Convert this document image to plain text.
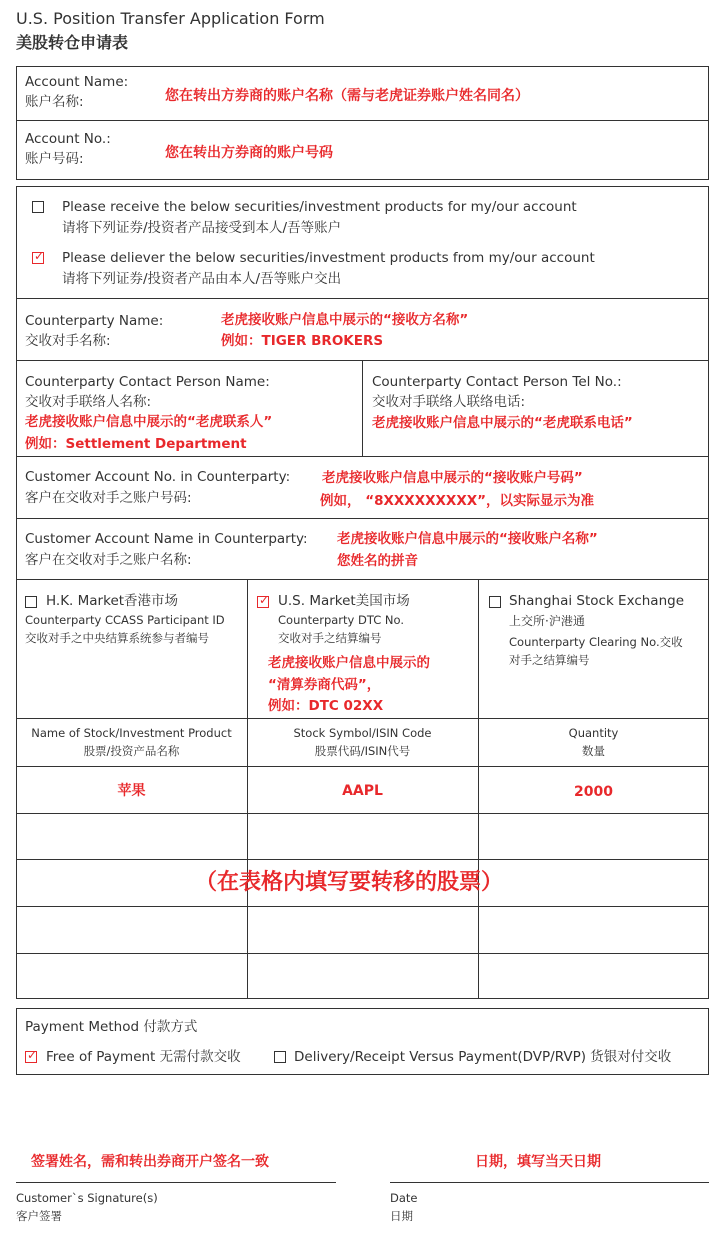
U.S. Position Transfer Application Form
美股转仓申请表
Account Name:
账户名称:	您在转出方券商的账户名称（需与老虎证券账户姓名同名）
Account No.:
账户号码:	您在转出方券商的账户号码
Please receive the below securities/investment products for my/our account
请将下列证券/投资者产品接受到本人/吾等账户
✓ Please deliever the below securities/investment products from my/our account
请将下列证券/投资者产品由本人/吾等账户交出
Counterparty Name:
交收对手名称:
老虎接收账户信息中展示的“接收方名称”
例如：TIGER BROKERS
Counterparty Contact Person Name:
交收对手联络人名称:
老虎接收账户信息中展示的“老虎联系人”
例如：Settlement Department
Counterparty Contact Person Tel No.:
交收对手联络人联络电话:
老虎接收账户信息中展示的“老虎联系电话”
Customer Account No. in Counterparty:
客户在交收对手之账户号码:
老虎接收账户信息中展示的“接收账户号码”
例如， “8XXXXXXXXX”，以实际显示为准
Customer Account Name in Counterparty:
客户在交收对手之账户名称:
老虎接收账户信息中展示的“接收账户名称”
您姓名的拼音
H.K. Market香港市场
Counterparty CCASS Participant ID
交收对手之中央结算系统参与者编号
✓ U.S. Market美国市场
Counterparty DTC No.
交收对手之结算编号
老虎接收账户信息中展示的
“清算券商代码”，
例如：DTC 02XX
Shanghai Stock Exchange
上交所·沪港通
Counterparty Clearing No.交收
对手之结算编号
Name of Stock/Investment Product
股票/投资产品名称
Stock Symbol/ISIN Code
股票代码/ISIN代号
Quantity
数量
苹果	AAPL	2000
（在表格内填写要转移的股票）
Payment Method 付款方式
✓ Free of Payment 无需付款交收	Delivery/Receipt Versus Payment(DVP/RVP) 货银对付交收
签署姓名，需和转出券商开户签名一致
Customer`s Signature(s)
客户签署
日期，填写当天日期
Date
日期
